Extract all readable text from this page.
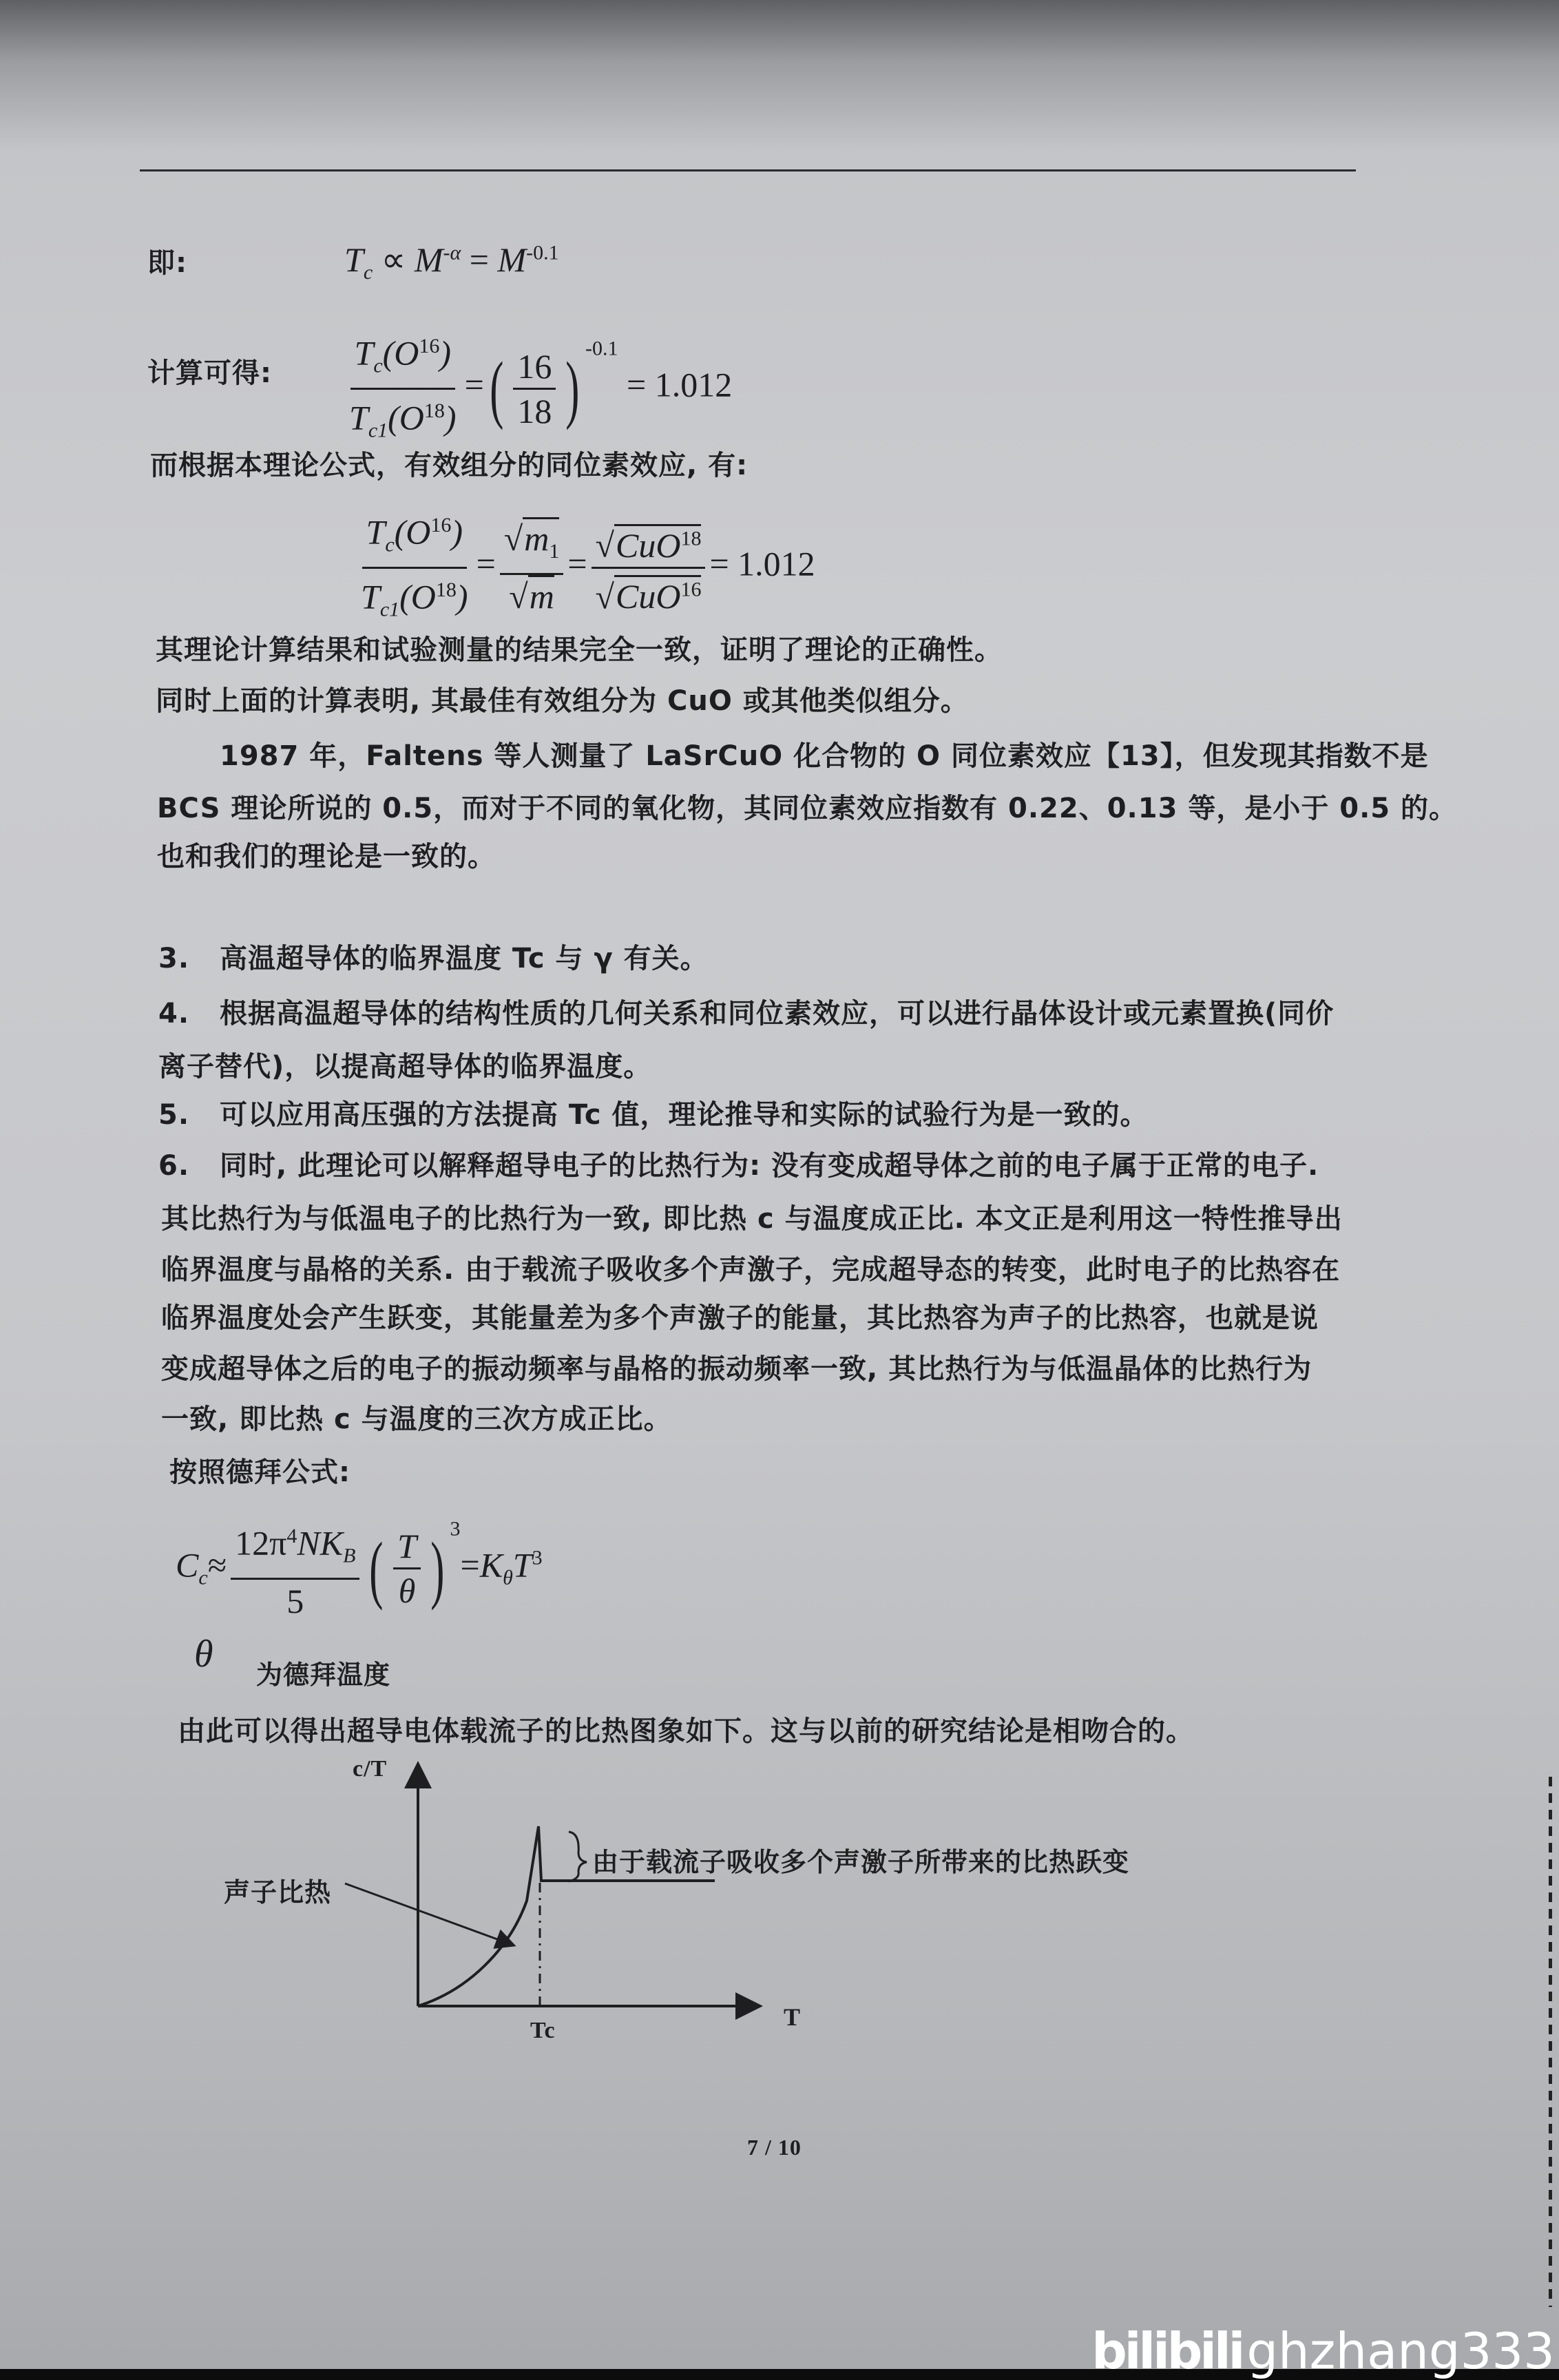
即:	$T_c \propto M^{-\alpha} = M^{-0.1}$
计算可得: $\frac{T_c(O^{16})}{T_{c1}(O^{18})}$ =( $\frac{16}{18}$ ) $^{-0.1}$ = 1.012
而根据本理论公式，有效组分的同位素效应, 有:
$\frac{T_c(O^{16})}{T_{c1}(O^{18})} = \frac{√m_1}{√m} = \frac{√CuO^{18}}{√CuO^{16}} = 1.012$
其理论计算结果和试验测量的结果完全一致，证明了理论的正确性。
同时上面的计算表明, 其最佳有效组分为 CuO 或其他类似组分。
1987 年，Faltens 等人测量了 LaSrCuO 化合物的 O 同位素效应【13】，但发现其指数不是
BCS 理论所说的 0.5，而对于不同的氧化物，其同位素效应指数有 0.22、0.13 等，是小于 0.5 的。
也和我们的理论是一致的。
3. 高温超导体的临界温度 Tc 与 γ 有关。
4. 根据高温超导体的结构性质的几何关系和同位素效应，可以进行晶体设计或元素置换(同价
离子替代)，以提高超导体的临界温度。
5. 可以应用高压强的方法提高 Tc 值，理论推导和实际的试验行为是一致的。
6. 同时, 此理论可以解释超导电子的比热行为: 没有变成超导体之前的电子属于正常的电子.
其比热行为与低温电子的比热行为一致, 即比热 c 与温度成正比. 本文正是利用这一特性推导出
临界温度与晶格的关系. 由于载流子吸收多个声激子，完成超导态的转变，此时电子的比热容在
临界温度处会产生跃变，其能量差为多个声激子的能量，其比热容为声子的比热容，也就是说
变成超导体之后的电子的振动频率与晶格的振动频率一致, 其比热行为与低温晶体的比热行为
一致, 即比热 c 与温度的三次方成正比。
按照德拜公式:
$C_c\approx \frac{12\pi^4NK_B}{5}$ ( $\frac{T}{\theta}$ ) $^3=K_\theta T^3$
θ 为德拜温度
由此可以得出超导电体载流子的比热图象如下。这与以前的研究结论是相吻合的。
c/T
T
Tc
声子比热
由于载流子吸收多个声激子所带来的比热跃变
7 / 10
bilibilighzhang333
